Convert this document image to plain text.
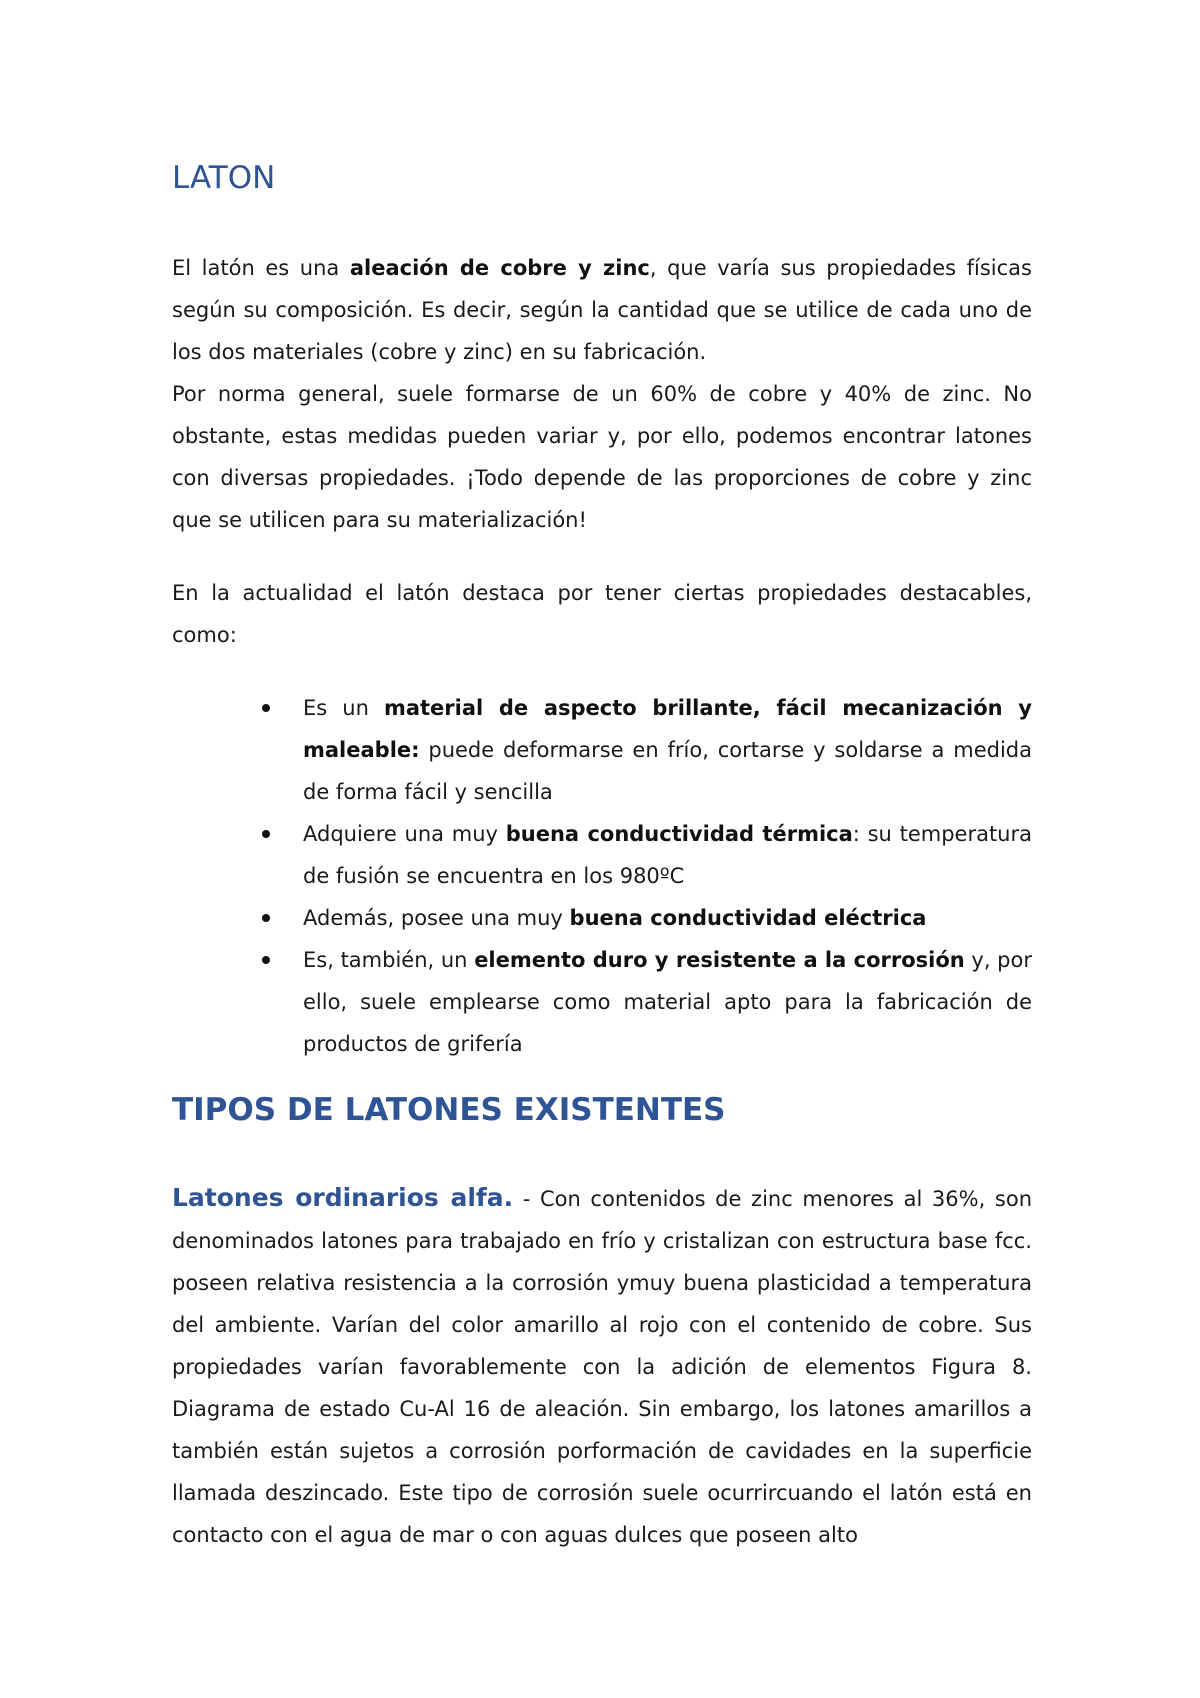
LATON

El latón es una aleación de cobre y zinc, que varía sus propiedades físicas según su composición. Es decir, según la cantidad que se utilice de cada uno de los dos materiales (cobre y zinc) en su fabricación.

Por norma general, suele formarse de un 60% de cobre y 40% de zinc. No obstante, estas medidas pueden variar y, por ello, podemos encontrar latones con diversas propiedades. ¡Todo depende de las proporciones de cobre y zinc que se utilicen para su materialización!

En la actualidad el latón destaca por tener ciertas propiedades destacables, como:

Es un material de aspecto brillante, fácil mecanización y maleable: puede deformarse en frío, cortarse y soldarse a medida de forma fácil y sencilla
Adquiere una muy buena conductividad térmica: su temperatura de fusión se encuentra en los 980ºC
Además, posee una muy buena conductividad eléctrica
Es, también, un elemento duro y resistente a la corrosión y, por ello, suele emplearse como material apto para la fabricación de productos de grifería
TIPOS DE LATONES EXISTENTES

Latones ordinarios alfa. - Con contenidos de zinc menores al 36%, son denominados latones para trabajado en frío y cristalizan con estructura base fcc. poseen relativa resistencia a la corrosión ymuy buena plasticidad a temperatura del ambiente. Varían del color amarillo al rojo con el contenido de cobre. Sus propiedades varían favorablemente con la adición de elementos Figura 8. Diagrama de estado Cu-Al 16 de aleación. Sin embargo, los latones amarillos a también están sujetos a corrosión porformación de cavidades en la superficie llamada deszincado. Este tipo de corrosión suele ocurrircuando el latón está en contacto con el agua de mar o con aguas dulces que poseen alto
